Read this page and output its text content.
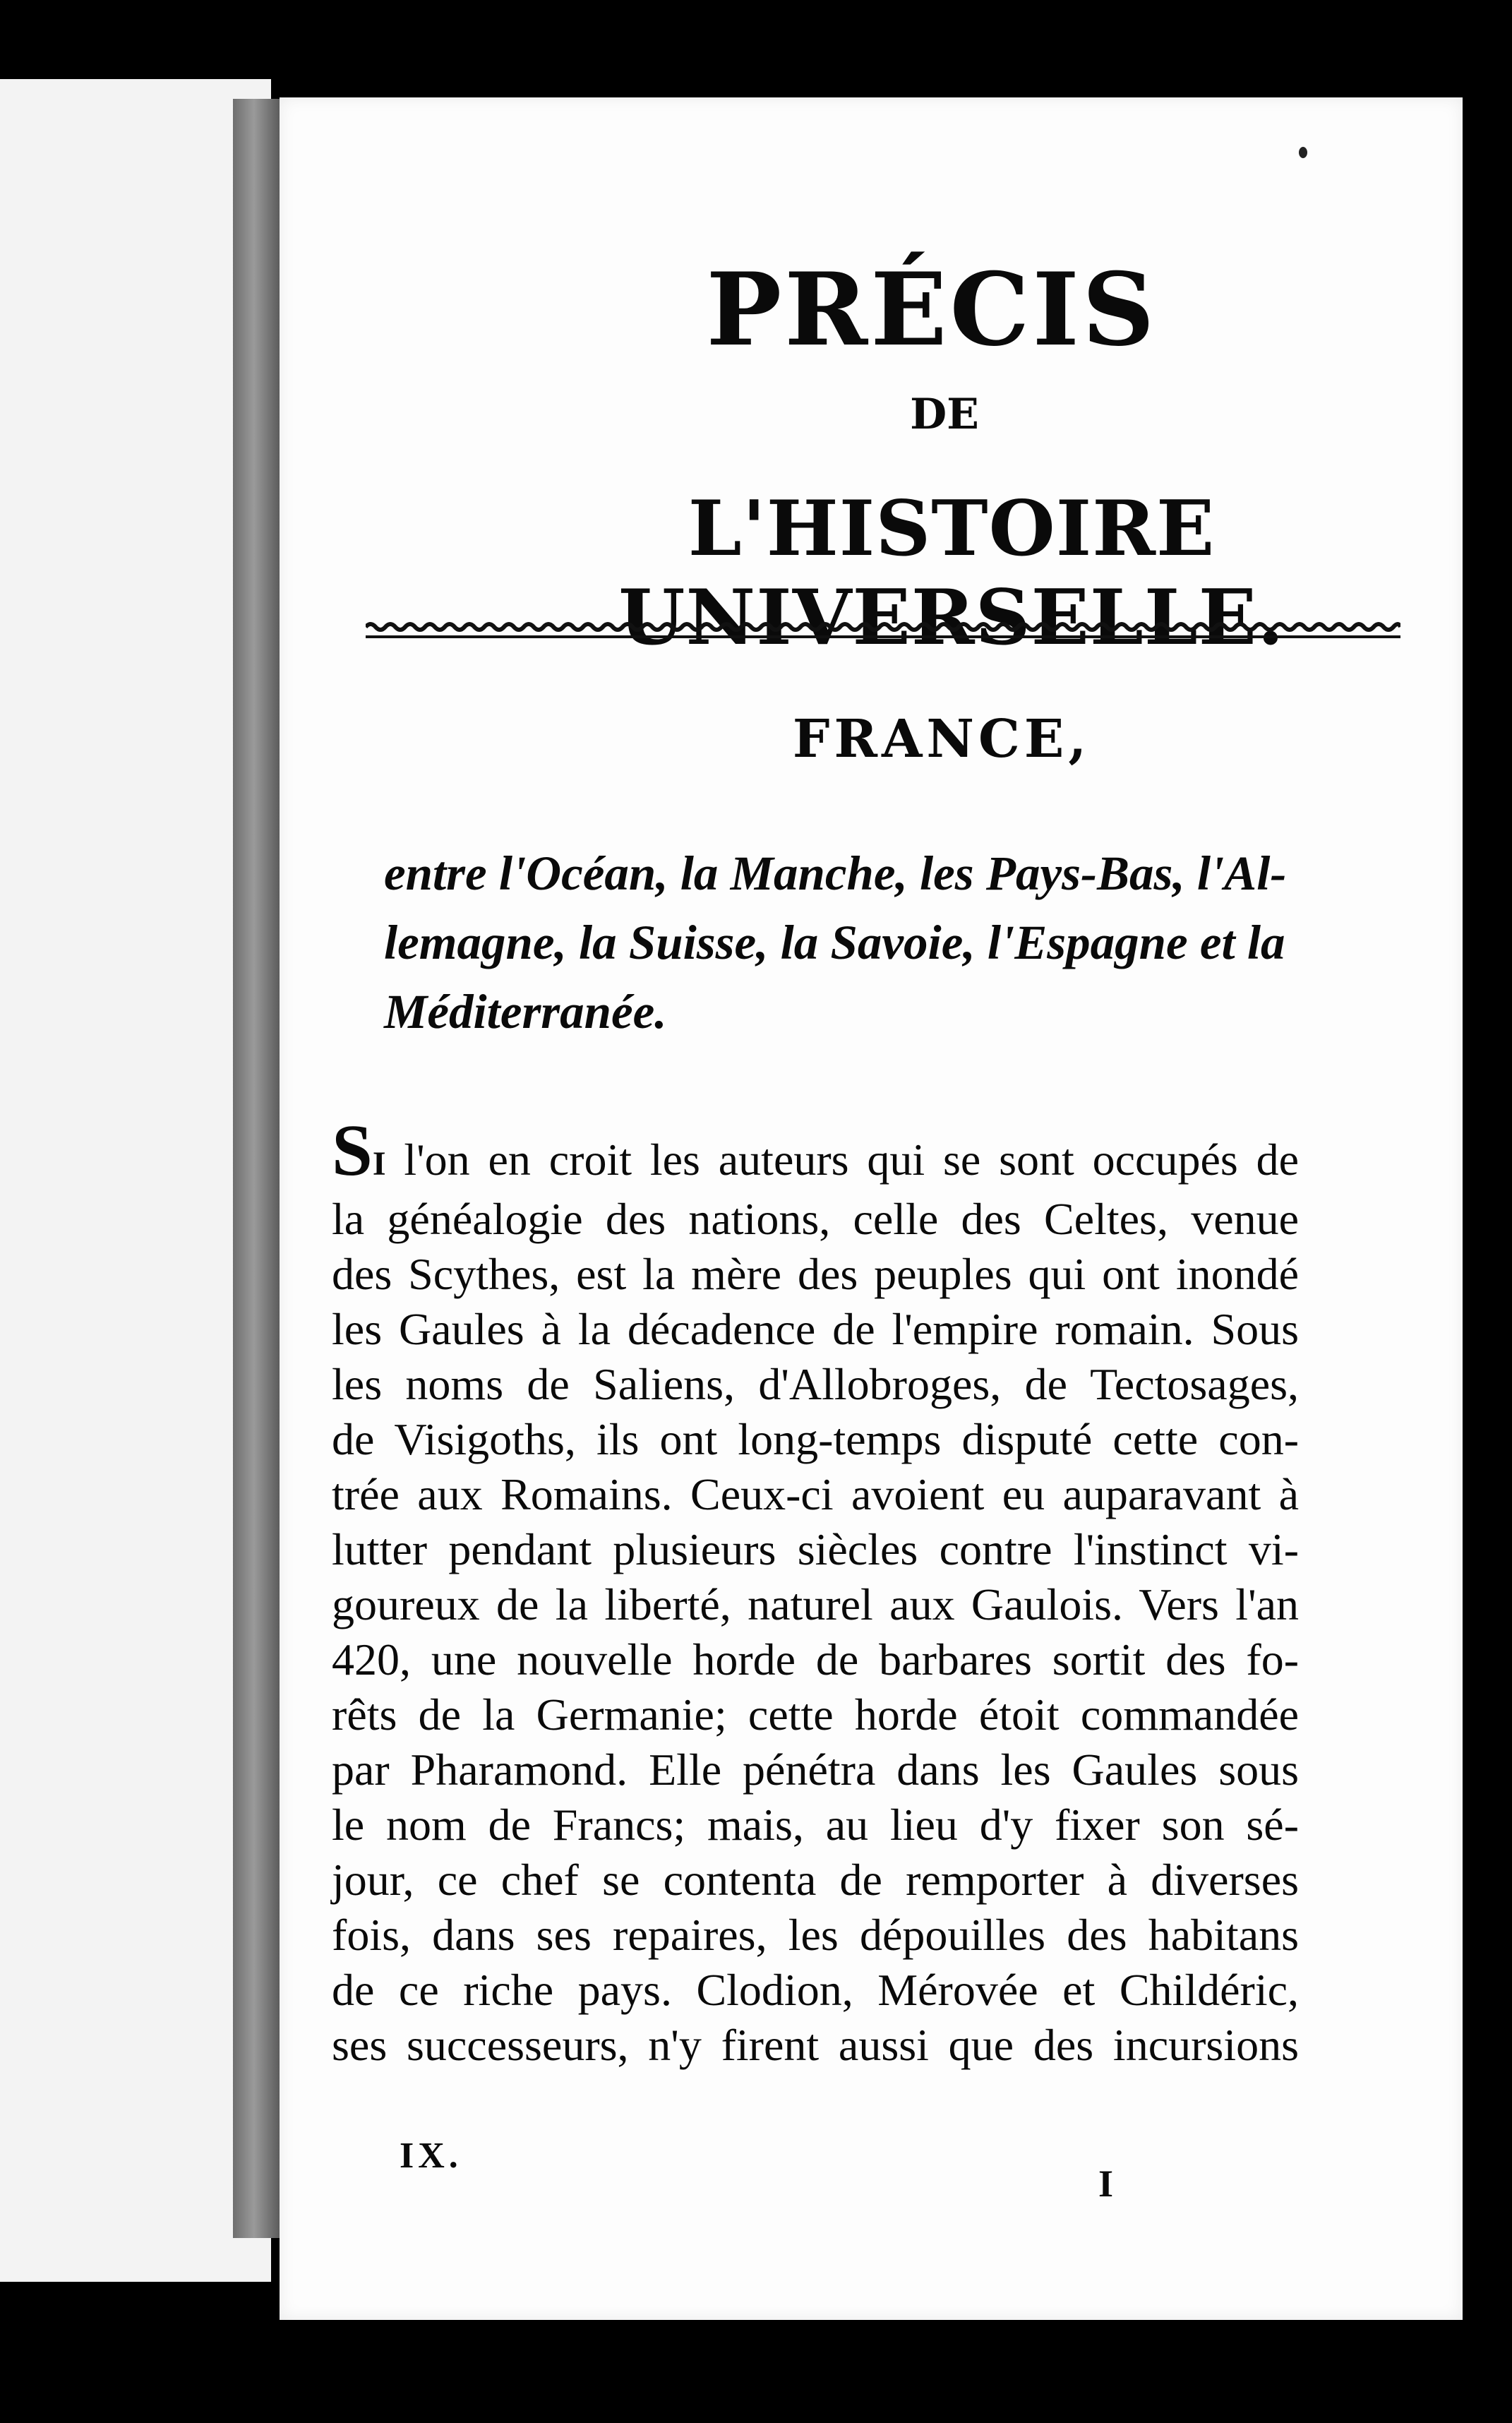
PRÉCIS
DE
L'HISTOIRE UNIVERSELLE.
FRANCE,
entre l'Océan, la Manche, les Pays-Bas, l'Al-
lemagne, la Suisse, la Savoie, l'Espagne et la
Méditerranée.
SI l'on en croit les auteurs qui se sont occupés de
la généalogie des nations, celle des Celtes, venue
des Scythes, est la mère des peuples qui ont inondé
les Gaules à la décadence de l'empire romain. Sous
les noms de Saliens, d'Allobroges, de Tectosages,
de Visigoths, ils ont long-temps disputé cette con-
trée aux Romains. Ceux-ci avoient eu auparavant à
lutter pendant plusieurs siècles contre l'instinct vi-
goureux de la liberté, naturel aux Gaulois. Vers l'an
420, une nouvelle horde de barbares sortit des fo-
rêts de la Germanie; cette horde étoit commandée
par Pharamond. Elle pénétra dans les Gaules sous
le nom de Francs; mais, au lieu d'y fixer son sé-
jour, ce chef se contenta de remporter à diverses
fois, dans ses repaires, les dépouilles des habitans
de ce riche pays. Clodion, Mérovée et Childéric,
ses successeurs, n'y firent aussi que des incursions
IX.
I
